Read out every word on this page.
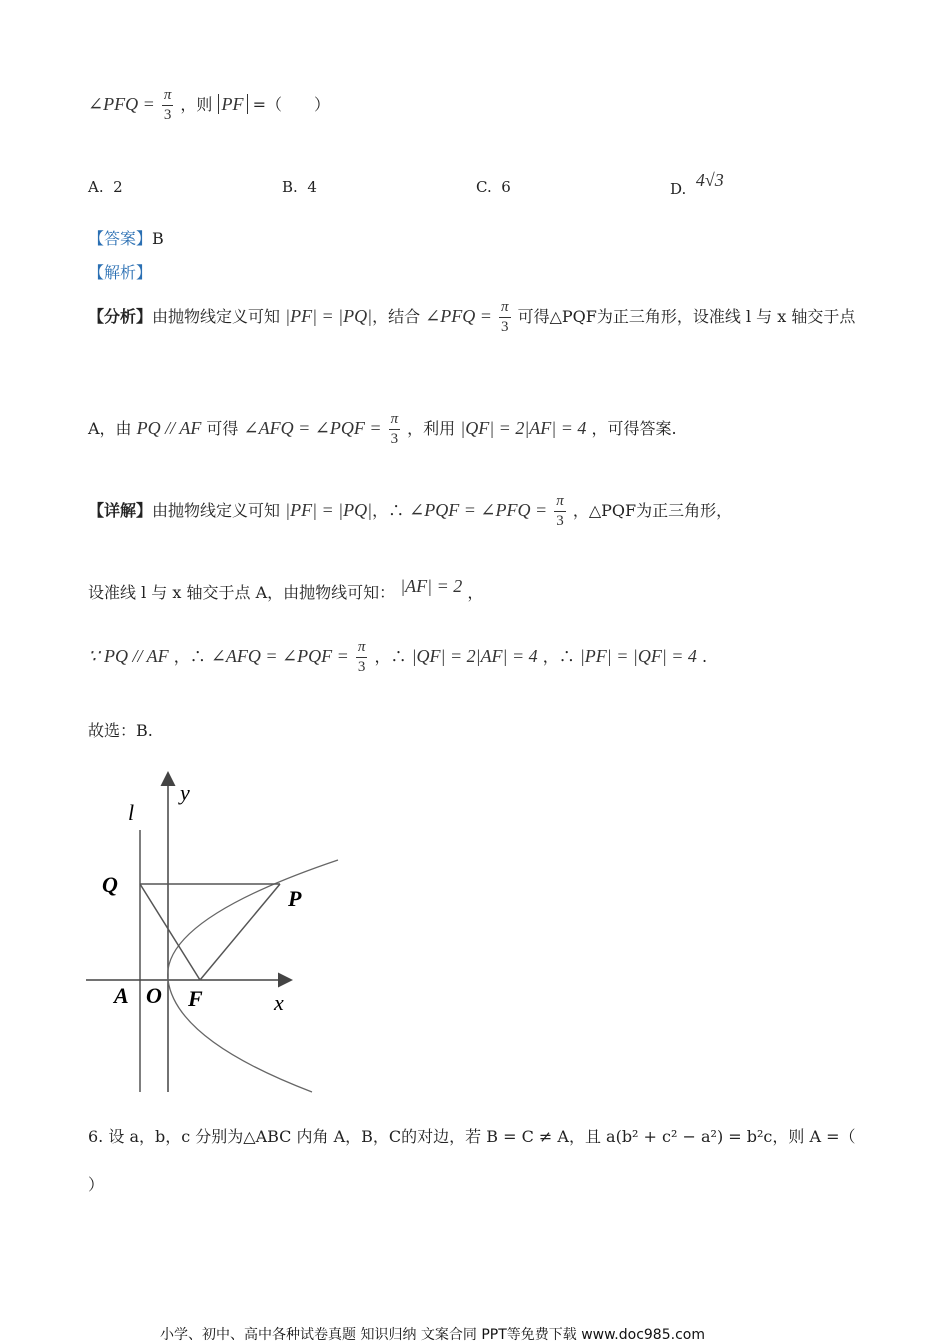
∠PFQ = $\frac{\pi}{3}$ ，则 PF =（　　）
A. 2	B. 4	C. 6	D. 4√3
【答案】B
【解析】
【分析】由抛物线定义可知 |PF| = |PQ|，结合 ∠PFQ = $\frac{\pi}{3}$ 可得△PQF为正三角形，设准线 l 与 x 轴交于点
A，由 PQ // AF 可得 ∠AFQ = ∠PQF = $\frac{\pi}{3}$ ，利用 |QF| = 2|AF| = 4 ，可得答案.
【详解】由抛物线定义可知 |PF| = |PQ|，∴ ∠PQF = ∠PFQ = $\frac{\pi}{3}$ ，△PQF为正三角形，
设准线 l 与 x 轴交于点 A，由抛物线可知： |AF| = 2 ，
∵ PQ // AF ，∴ ∠AFQ = ∠PQF = $\frac{\pi}{3}$ ，∴ |QF| = 2|AF| = 4 ，∴ |PF| = |QF| = 4 .
故选：B.
y
l
Q
P
A O F	x
6. 设 a，b，c 分别为△ABC 内角 A，B，C的对边，若 B = C ≠ A，且 a(b² + c² − a²) = b²c，则 A =（
）
小学、初中、高中各种试卷真题 知识归纳 文案合同 PPT等免费下载 www.doc985.com
